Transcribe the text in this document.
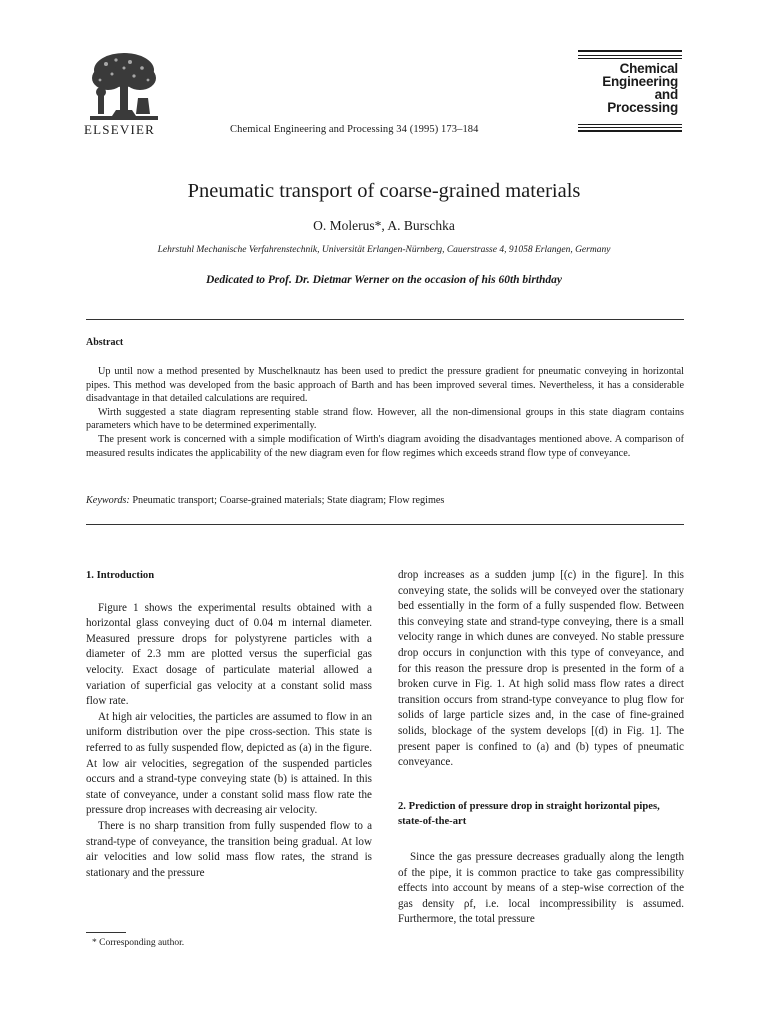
ELSEVIER	Chemical Engineering and Processing 34 (1995) 173–184
Chemical
Engineering
and
Processing
Pneumatic transport of coarse-grained materials
O. Molerus*, A. Burschka
Lehrstuhl Mechanische Verfahrenstechnik, Universität Erlangen-Nürnberg, Cauerstrasse 4, 91058 Erlangen, Germany
Dedicated to Prof. Dr. Dietmar Werner on the occasion of his 60th birthday
Abstract

Up until now a method presented by Muschelknautz has been used to predict the pressure gradient for pneumatic conveying in horizontal pipes. This method was developed from the basic approach of Barth and has been improved several times. Nevertheless, it has a considerable disadvantage in that detailed calculations are required.

Wirth suggested a state diagram representing stable strand flow. However, all the non-dimensional groups in this state diagram contains parameters which have to be determined experimentally.

The present work is concerned with a simple modification of Wirth's diagram avoiding the disadvantages mentioned above. A comparison of measured results indicates the applicability of the new diagram even for flow regimes which exceeds strand flow type of conveyance.

Keywords: Pneumatic transport; Coarse-grained materials; State diagram; Flow regimes
1. Introduction

Figure 1 shows the experimental results obtained with a horizontal glass conveying duct of 0.04 m internal diameter. Measured pressure drops for polystyrene particles with a diameter of 2.3 mm are plotted versus the superficial gas velocity. Exact dosage of particulate material allowed a variation of superficial gas velocity at a constant solid mass flow rate.

At high air velocities, the particles are assumed to flow in an uniform distribution over the pipe cross-section. This state is referred to as fully suspended flow, depicted as (a) in the figure. At low air velocities, segregation of the suspended particles occurs and a strand-type conveying state (b) is attained. In this state of conveyance, under a constant solid mass flow rate the pressure drop increases with decreasing air velocity.

There is no sharp transition from fully suspended flow to a strand-type of conveyance, the transition being gradual. At low air velocities and low solid mass flow rates, the strand is stationary and the pressure

* Corresponding author.

drop increases as a sudden jump [(c) in the figure]. In this conveying state, the solids will be conveyed over the stationary bed essentially in the form of a fully suspended flow. Between this conveying state and strand-type conveying, there is a small velocity range in which dunes are conveyed. No stable pressure drop occurs in conjunction with this type of conveyance, and for this reason the pressure drop is presented in the form of a broken curve in Fig. 1. At high solid mass flow rates a direct transition occurs from strand-type conveyance to plug flow for solids of large particle sizes and, in the case of fine-grained solids, blockage of the system develops [(d) in Fig. 1]. The present paper is confined to (a) and (b) types of pneumatic conveyance.

2. Prediction of pressure drop in straight horizontal pipes, state-of-the-art

Since the gas pressure decreases gradually along the length of the pipe, it is common practice to take gas compressibility effects into account by means of a step-wise correction of the gas density ρf, i.e. local incompressibility is assumed. Furthermore, the total pressure
